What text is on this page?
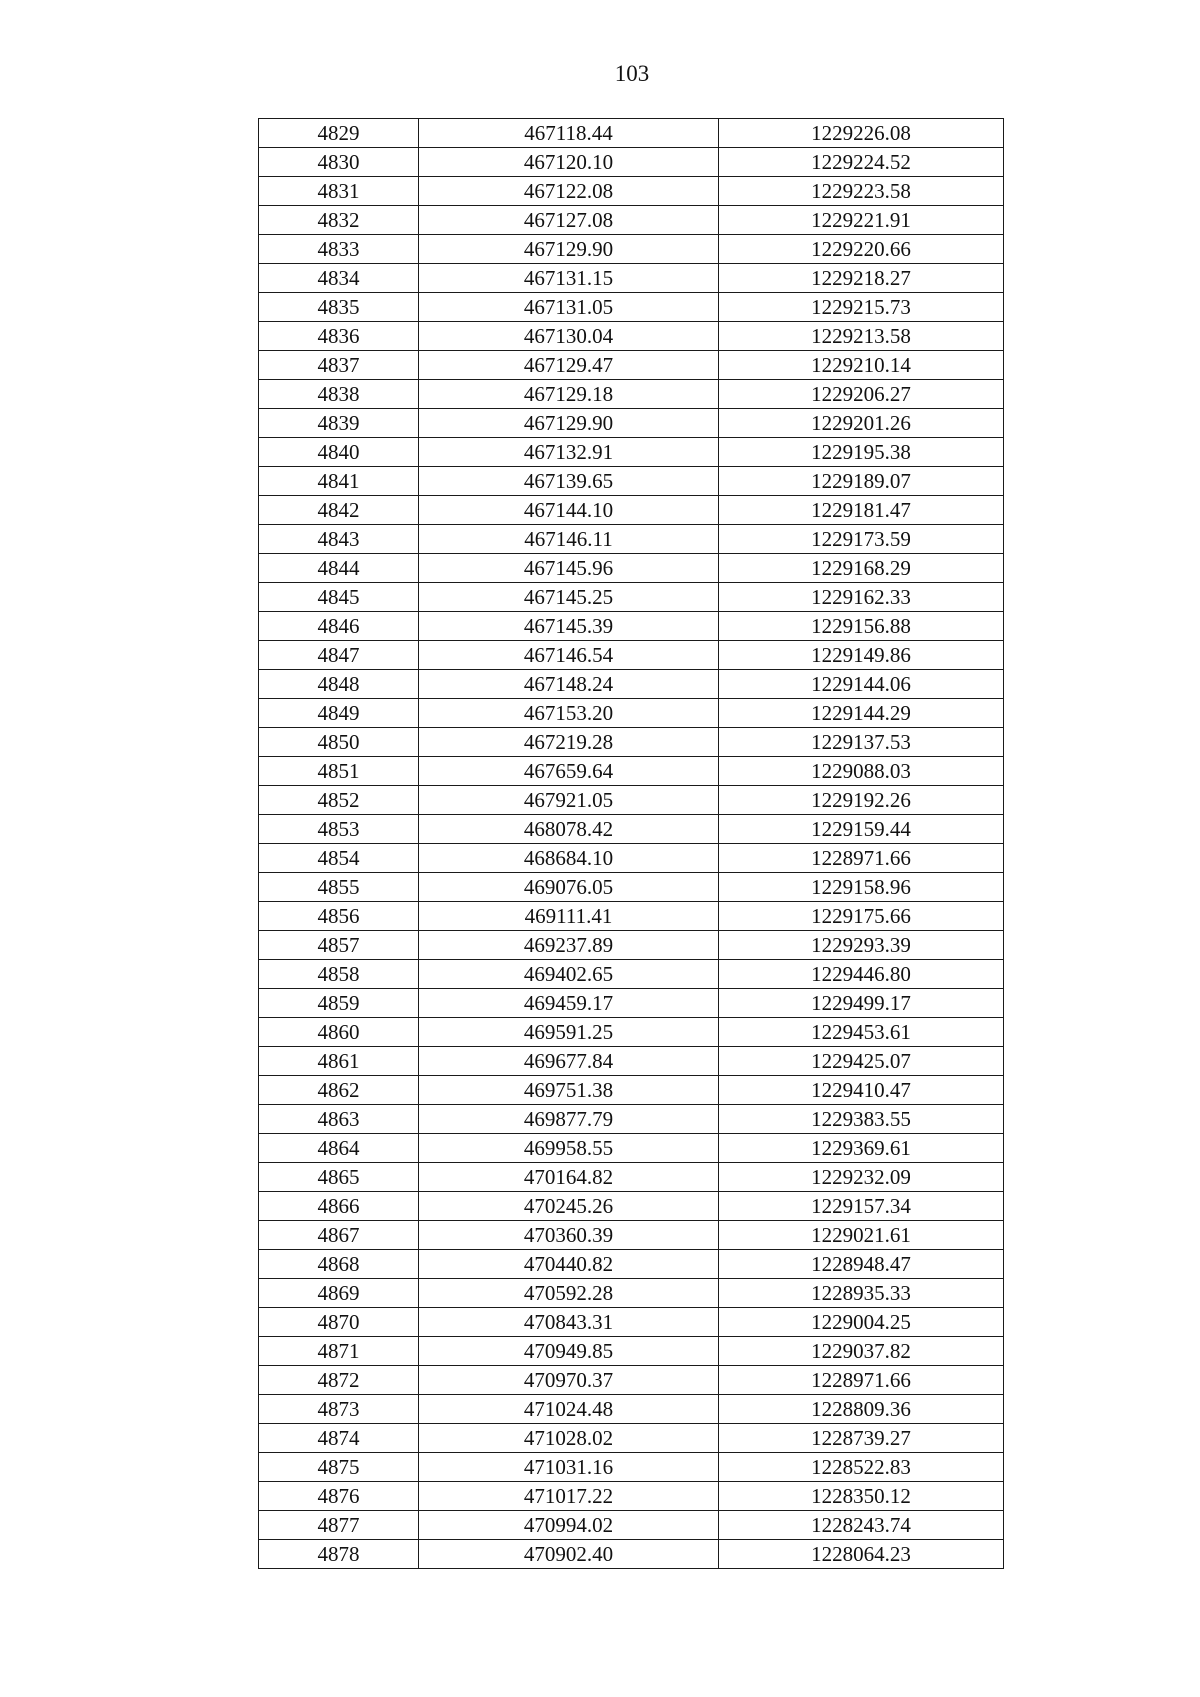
103
4829	467118.44	1229226.08
4830	467120.10	1229224.52
4831	467122.08	1229223.58
4832	467127.08	1229221.91
4833	467129.90	1229220.66
4834	467131.15	1229218.27
4835	467131.05	1229215.73
4836	467130.04	1229213.58
4837	467129.47	1229210.14
4838	467129.18	1229206.27
4839	467129.90	1229201.26
4840	467132.91	1229195.38
4841	467139.65	1229189.07
4842	467144.10	1229181.47
4843	467146.11	1229173.59
4844	467145.96	1229168.29
4845	467145.25	1229162.33
4846	467145.39	1229156.88
4847	467146.54	1229149.86
4848	467148.24	1229144.06
4849	467153.20	1229144.29
4850	467219.28	1229137.53
4851	467659.64	1229088.03
4852	467921.05	1229192.26
4853	468078.42	1229159.44
4854	468684.10	1228971.66
4855	469076.05	1229158.96
4856	469111.41	1229175.66
4857	469237.89	1229293.39
4858	469402.65	1229446.80
4859	469459.17	1229499.17
4860	469591.25	1229453.61
4861	469677.84	1229425.07
4862	469751.38	1229410.47
4863	469877.79	1229383.55
4864	469958.55	1229369.61
4865	470164.82	1229232.09
4866	470245.26	1229157.34
4867	470360.39	1229021.61
4868	470440.82	1228948.47
4869	470592.28	1228935.33
4870	470843.31	1229004.25
4871	470949.85	1229037.82
4872	470970.37	1228971.66
4873	471024.48	1228809.36
4874	471028.02	1228739.27
4875	471031.16	1228522.83
4876	471017.22	1228350.12
4877	470994.02	1228243.74
4878	470902.40	1228064.23
